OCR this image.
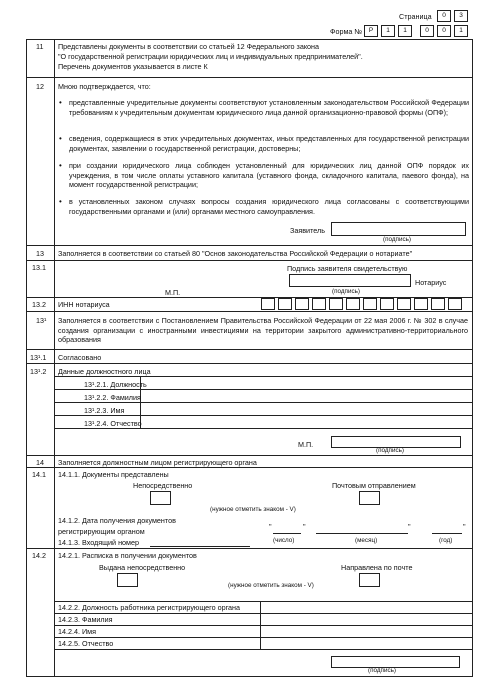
Страница	0	3
Форма №	Р	1	1	0	0	1
11 Представлены документы в соответствии со статьей 12 Федерального закона
"О государственной регистрации юридических лиц и индивидуальных предпринимателей".
Перечень документов указывается в листе К
12 Мною подтверждается, что:
• представленные учредительные документы соответствуют установленным законодательством Российской Федерации требованиям к учредительным документам юридического лица данной организационно-правовой формы (ОПФ);
• сведения, содержащиеся в этих учредительных документах, иных представленных для государственной регистрации документах, заявлении о государственной регистрации, достоверны;
• при создании юридического лица соблюден установленный для юридических лиц данной ОПФ порядок их учреждения, в том числе оплаты уставного капитала (уставного фонда, складочного капитала, паевого фонда), на момент государственной регистрации;
• в установленных законом случаях вопросы создания юридического лица согласованы с соответствующими государственными органами и (или) органами местного самоуправления.
Заявитель
(подпись)
13 Заполняется в соответствии со статьей 80 "Основ законодательства Российской Федерации о нотариате"
13.1	Подпись заявителя свидетельствую
Нотариус
М.П.	(подпись)
13.2 ИНН нотариуса
13¹ Заполняется в соответствии с Постановлением Правительства Российской Федерации от 22 мая 2006 г. № 302 в случае создания организации с иностранными инвестициями на территории закрытого административно-территориального образования
13¹.1 Согласовано
13¹.2 Данные должностного лица
13¹.2.1. Должность
13¹.2.2. Фамилия
13¹.2.3. Имя
13¹.2.4. Отчество
М.П.
(подпись)
14 Заполняется должностным лицом регистрирующего органа
14.1 14.1.1. Документы представлены
Непосредственно	Почтовым отправлением
(нужное отметить знаком - V)
14.1.2. Дата получения документов
регистрирующим органом
14.1.3. Входящий номер
"	"	"	"
(число)	(месяц)	(год)
14.2 14.2.1. Расписка в получении документов
Выдана непосредственно	Направлена по почте
(нужное отметить знаком - V)
14.2.2. Должность работника регистрирующего органа
14.2.3. Фамилия
14.2.4. Имя
14.2.5. Отчество
(подпись)
